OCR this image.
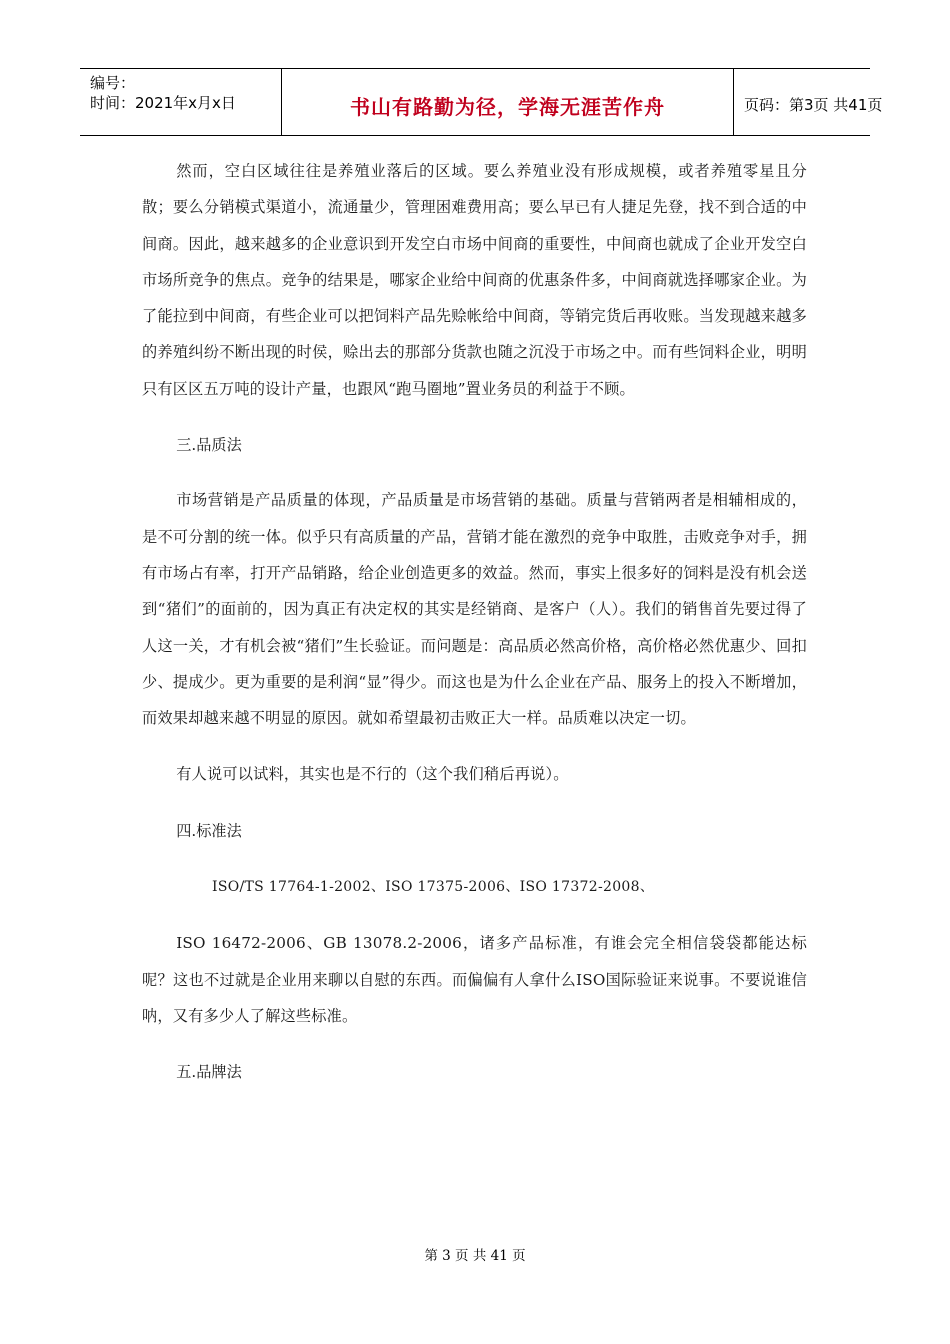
编号：
时间：2021年x月x日	书山有路勤为径，学海无涯苦作舟	页码：第3页 共41页

然而，空白区域往往是养殖业落后的区域。要么养殖业没有形成规模，或者养殖零星且分散；要么分销模式渠道小，流通量少，管理困难费用高；要么早已有人捷足先登，找不到合适的中间商。因此，越来越多的企业意识到开发空白市场中间商的重要性，中间商也就成了企业开发空白市场所竞争的焦点。竞争的结果是，哪家企业给中间商的优惠条件多，中间商就选择哪家企业。为了能拉到中间商，有些企业可以把饲料产品先赊帐给中间商，等销完货后再收账。当发现越来越多的养殖纠纷不断出现的时侯，赊出去的那部分货款也随之沉没于市场之中。而有些饲料企业，明明只有区区五万吨的设计产量，也跟风“跑马圈地”置业务员的利益于不顾。

三.品质法

市场营销是产品质量的体现，产品质量是市场营销的基础。质量与营销两者是相辅相成的，是不可分割的统一体。似乎只有高质量的产品，营销才能在激烈的竞争中取胜，击败竞争对手，拥有市场占有率，打开产品销路，给企业创造更多的效益。然而，事实上很多好的饲料是没有机会送到“猪们”的面前的，因为真正有决定权的其实是经销商、是客户（人）。我们的销售首先要过得了人这一关，才有机会被“猪们”生长验证。而问题是：高品质必然高价格，高价格必然优惠少、回扣少、提成少。更为重要的是利润“显”得少。而这也是为什么企业在产品、服务上的投入不断增加，而效果却越来越不明显的原因。就如希望最初击败正大一样。品质难以决定一切。

有人说可以试料，其实也是不行的（这个我们稍后再说）。

四.标准法

ISO/TS 17764-1-2002、ISO 17375-2006、ISO 17372-2008、

ISO 16472-2006、GB 13078.2-2006，诸多产品标准，有谁会完全相信袋袋都能达标呢？这也不过就是企业用来聊以自慰的东西。而偏偏有人拿什么ISO国际验证来说事。不要说谁信呐，又有多少人了解这些标准。

五.品牌法

第 3 页 共 41 页
